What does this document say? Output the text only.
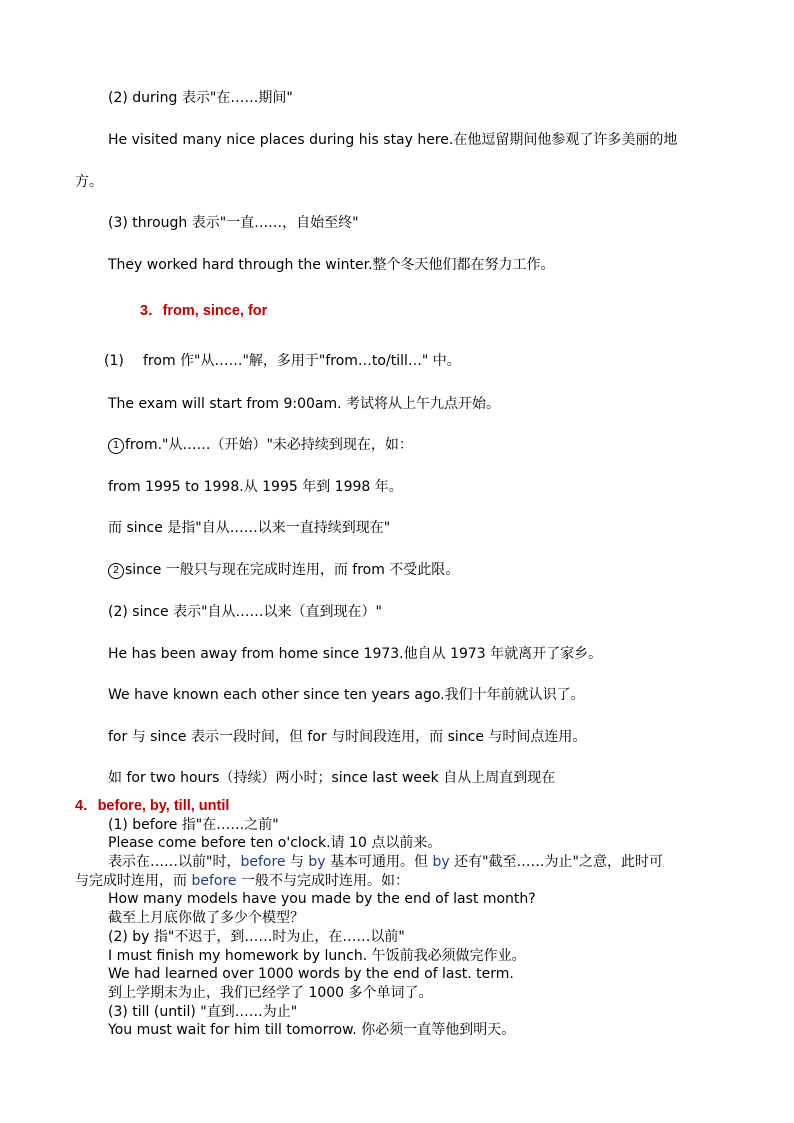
(2) during 表示"在……期间"
He visited many nice places during his stay here.在他逗留期间他参观了许多美丽的地
方。
(3) through 表示"一直……，自始至终"
They worked hard through the winter.整个冬天他们都在努力工作。
3．from, since, for
(1) from 作"从……"解，多用于"from…to/till…" 中。
The exam will start from 9:00am. 考试将从上午九点开始。
1 from."从……（开始）"未必持续到现在，如：
from 1995 to 1998.从 1995 年到 1998 年。
而 since 是指"自从……以来一直持续到现在"
2 since 一般只与现在完成时连用，而 from 不受此限。
(2) since 表示"自从……以来（直到现在）"
He has been away from home since 1973.他自从 1973 年就离开了家乡。
We have known each other since ten years ago.我们十年前就认识了。
for 与 since 表示一段时间，但 for 与时间段连用，而 since 与时间点连用。
如 for two hours（持续）两小时；since last week 自从上周直到现在
4．before, by, till, until
(1) before 指"在……之前"
Please come before ten o'clock.请 10 点以前来。
表示在……以前"时，before 与 by 基本可通用。但 by 还有"截至……为止"之意，此时可
与完成时连用，而 before 一般不与完成时连用。如：
How many models have you made by the end of last month?
截至上月底你做了多少个模型？
(2) by 指"不迟于，到……时为止，在……以前"
I must finish my homework by lunch. 午饭前我必须做完作业。
We had learned over 1000 words by the end of last. term.
到上学期末为止，我们已经学了 1000 多个单词了。
(3) till (until) "直到……为止"
You must wait for him till tomorrow. 你必须一直等他到明天。
